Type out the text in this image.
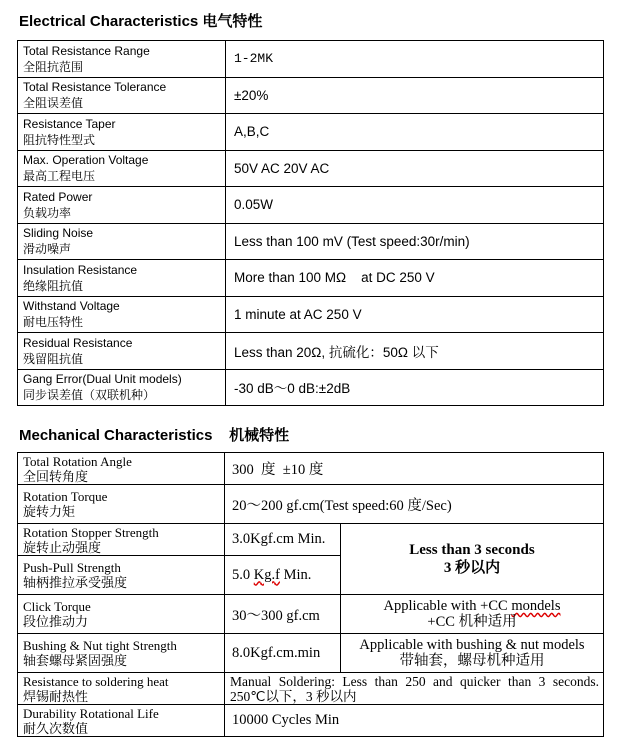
Electrical Characteristics 电气特性
Total Resistance Range
全阻抗范围	1-2MK

Total Resistance Tolerance
全阻误差值	±20%

Resistance Taper
阻抗特性型式	A,B,C

Max. Operation Voltage
最高工程电压	50V AC 20V AC

Rated Power
负载功率	0.05W

Sliding Noise
滑动噪声	Less than 100 mV (Test speed:30r/min)

Insulation Resistance
绝缘阻抗值	More than 100 MΩ    at DC 250 V

Withstand Voltage
耐电压特性	1 minute at AC 250 V

Residual Resistance
残留阻抗值	Less than 20Ω, 抗硫化：50Ω 以下

Gang Error(Dual Unit models)
同步误差值（双联机种）	-30 dB～0 dB:±2dB
Mechanical Characteristics    机械特性
Total Rotation Angle
全回转角度	300  度  ±10 度	

Rotation Torque
旋转力矩	20～200 gf.cm(Test speed:60 度/Sec)	

Rotation Stopper Strength
旋转止动强度	3.0Kgf.cm Min.	Less than 3 seconds
3 秒以内

Push-Pull Strength
轴柄推拉承受强度	5.0 Kg.f Min.	

Click Torque
段位推动力	30～300 gf.cm	Applicable with +CC mondels
+CC 机种适用

Bushing & Nut tight Strength
轴套螺母紧固强度	8.0Kgf.cm.min	Applicable with bushing & nut models
带轴套，螺母机种适用

Resistance to soldering heat
焊锡耐热性	Manual Soldering: Less than 250 and quicker than 3 seconds. 250℃以下，3 秒以内	

Durability Rotational Life
耐久次数值	10000 Cycles Min	
